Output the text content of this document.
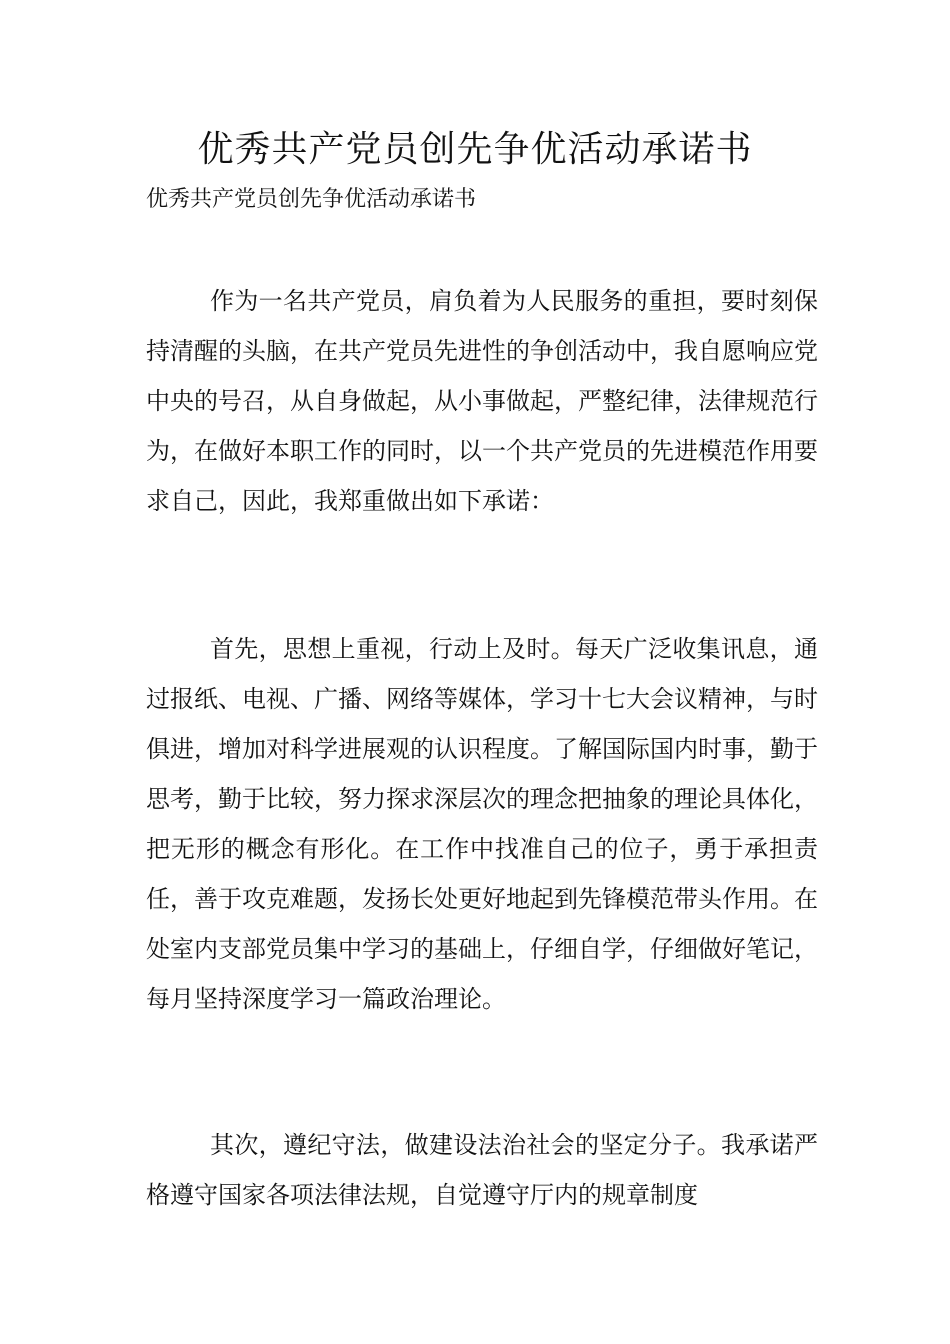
优秀共产党员创先争优活动承诺书

优秀共产党员创先争优活动承诺书

作为一名共产党员，肩负着为人民服务的重担，要时刻保持清醒的头脑，在共产党员先进性的争创活动中，我自愿响应党中央的号召，从自身做起，从小事做起，严整纪律，法律规范行为，在做好本职工作的同时，以一个共产党员的先进模范作用要求自己，因此，我郑重做出如下承诺：

首先，思想上重视，行动上及时。每天广泛收集讯息，通过报纸、电视、广播、网络等媒体，学习十七大会议精神，与时俱进，增加对科学进展观的认识程度。了解国际国内时事，勤于思考，勤于比较，努力探求深层次的理念把抽象的理论具体化，把无形的概念有形化。在工作中找准自己的位子，勇于承担责任，善于攻克难题，发扬长处更好地起到先锋模范带头作用。在处室内支部党员集中学习的基础上，仔细自学，仔细做好笔记，每月坚持深度学习一篇政治理论。

其次，遵纪守法，做建设法治社会的坚定分子。我承诺严格遵守国家各项法律法规，自觉遵守厅内的规章制度
